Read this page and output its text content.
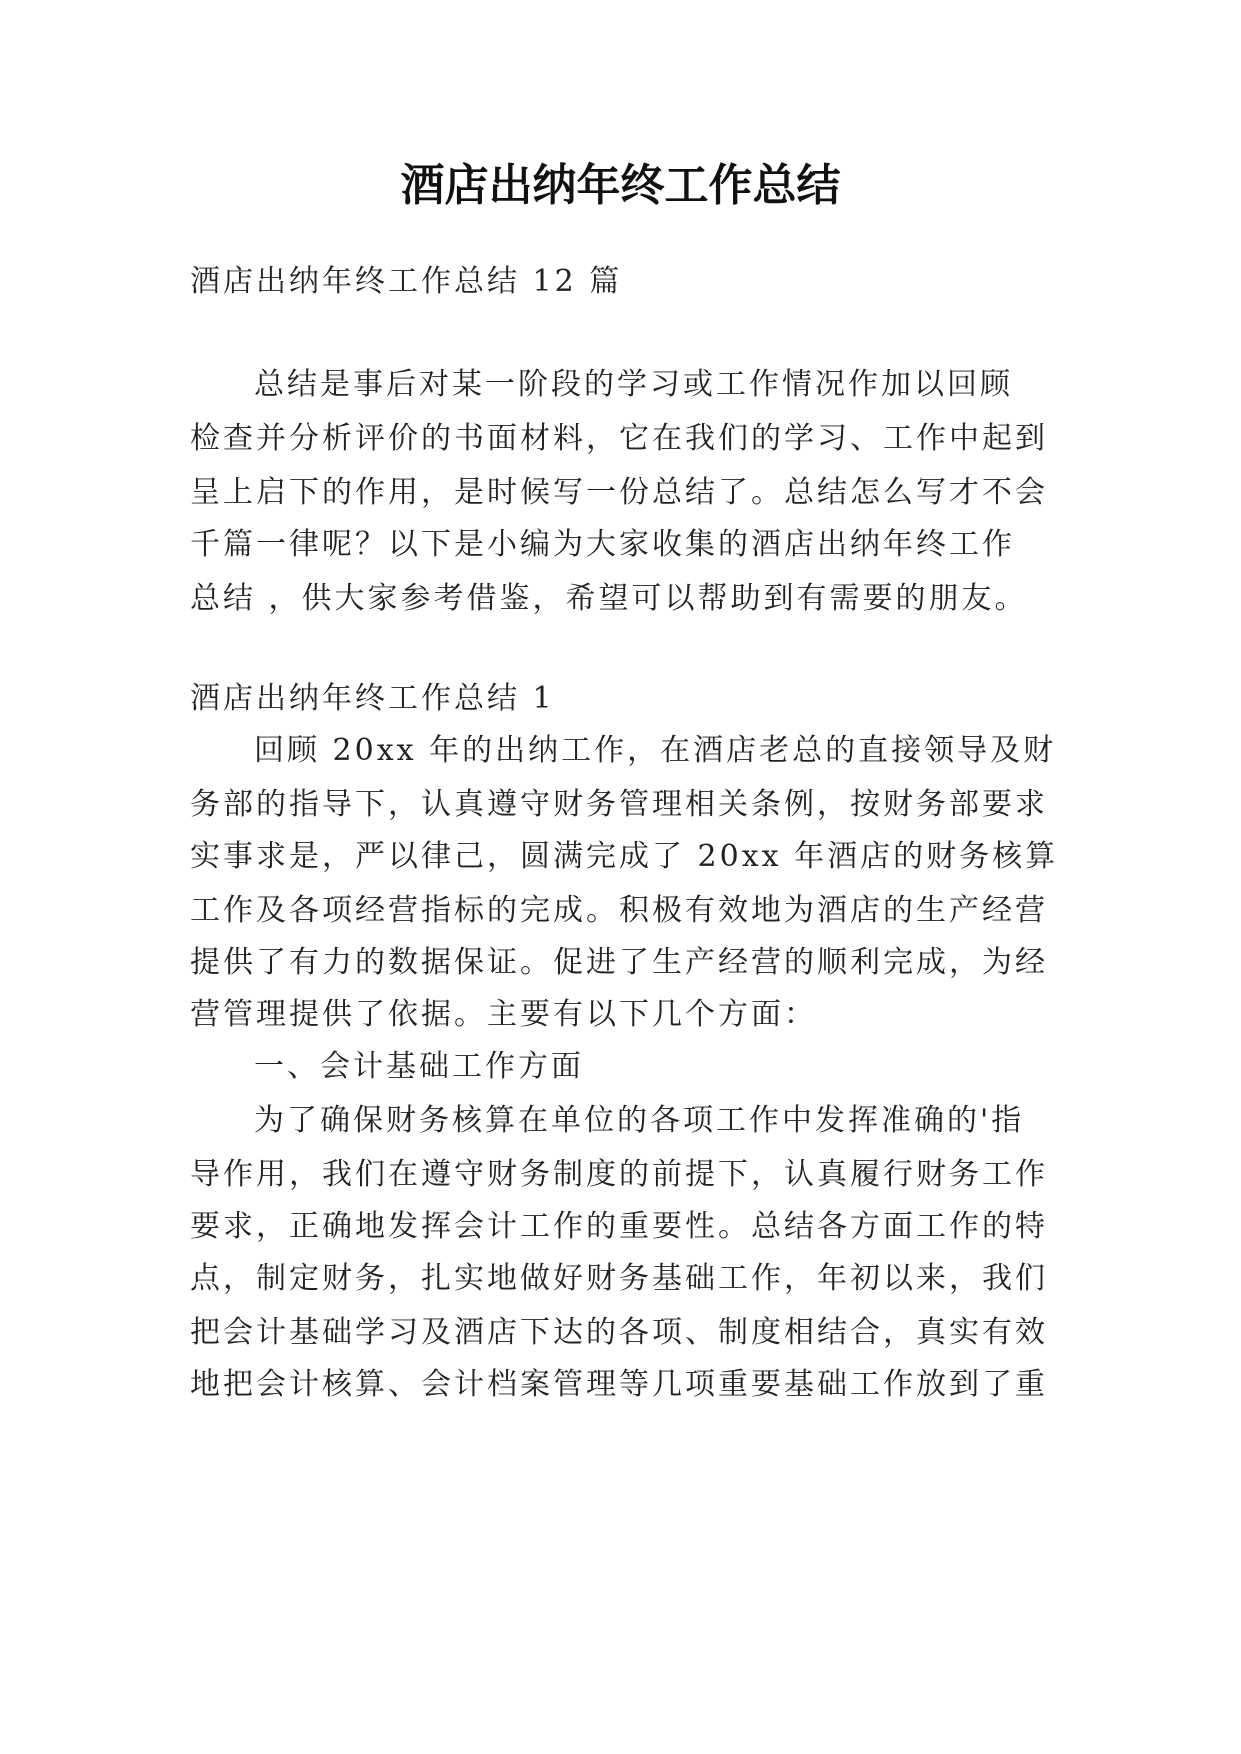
酒店出纳年终工作总结
酒店出纳年终工作总结 12 篇
总结是事后对某一阶段的学习或工作情况作加以回顾
检查并分析评价的书面材料，它在我们的学习、工作中起到
呈上启下的作用，是时候写一份总结了。总结怎么写才不会
千篇一律呢？以下是小编为大家收集的酒店出纳年终工作
总结 ，供大家参考借鉴，希望可以帮助到有需要的朋友。
酒店出纳年终工作总结 1
回顾 20xx 年的出纳工作，在酒店老总的直接领导及财
务部的指导下，认真遵守财务管理相关条例，按财务部要求
实事求是，严以律己，圆满完成了 20xx 年酒店的财务核算
工作及各项经营指标的完成。积极有效地为酒店的生产经营
提供了有力的数据保证。促进了生产经营的顺利完成，为经
营管理提供了依据。主要有以下几个方面：
一、会计基础工作方面
为了确保财务核算在单位的各项工作中发挥准确的'指
导作用，我们在遵守财务制度的前提下，认真履行财务工作
要求，正确地发挥会计工作的重要性。总结各方面工作的特
点，制定财务，扎实地做好财务基础工作，年初以来，我们
把会计基础学习及酒店下达的各项、制度相结合，真实有效
地把会计核算、会计档案管理等几项重要基础工作放到了重
